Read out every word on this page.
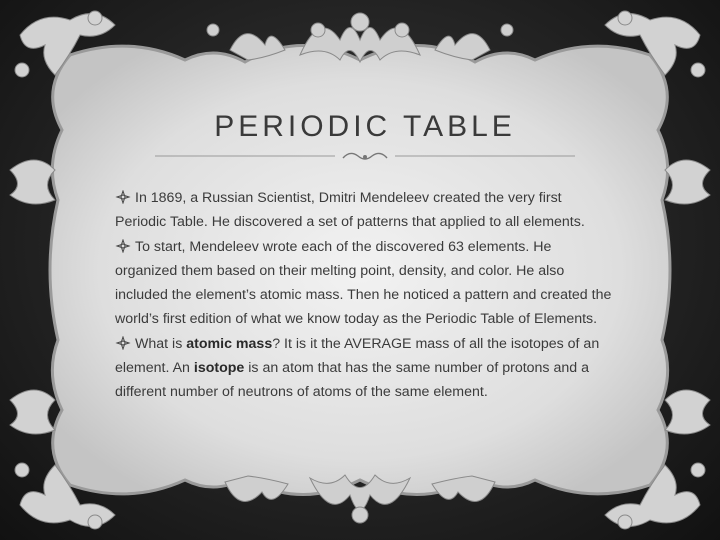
PERIODIC TABLE

In 1869, a Russian Scientist, Dmitri Mendeleev created the very first Periodic Table. He discovered a set of patterns that applied to all elements.

To start, Mendeleev wrote each of the discovered 63 elements. He organized them based on their melting point, density, and color. He also included the element’s atomic mass. Then he noticed a pattern and created the world’s first edition of what we know today as the Periodic Table of Elements.

What is atomic mass? It is it the AVERAGE mass of all the isotopes of an element. An isotope is an atom that has the same number of protons and a different number of neutrons of atoms of the same element.
